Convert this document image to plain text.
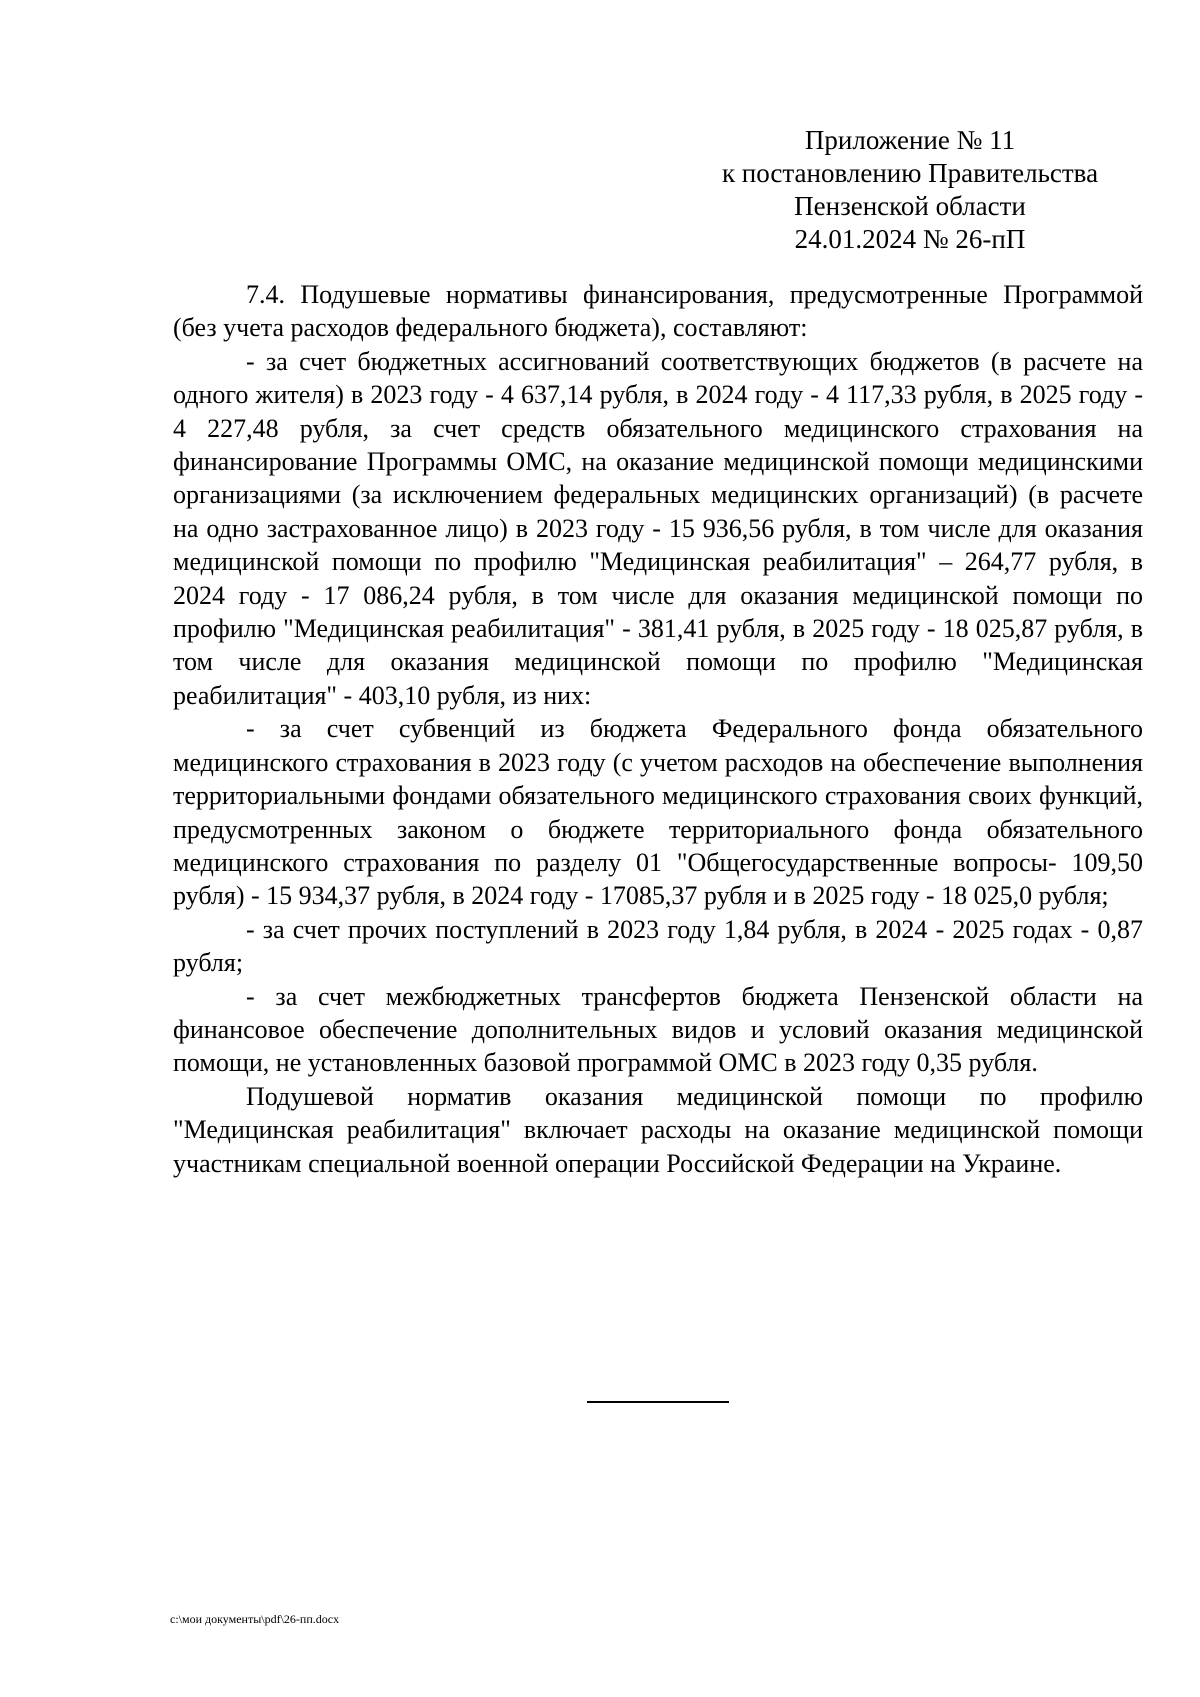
Приложение № 11
к постановлению Правительства
Пензенской области
24.01.2024 № 26-пП

7.4. Подушевые нормативы финансирования, предусмотренные Программой (без учета расходов федерального бюджета), составляют:

- за счет бюджетных ассигнований соответствующих бюджетов (в расчете на одного жителя) в 2023 году - 4 637,14 рубля, в 2024 году - 4 117,33 рубля, в 2025 году - 4 227,48 рубля, за счет средств обязательного медицинского страхования на финансирование Программы ОМС, на оказание медицинской помощи медицинскими организациями (за исключением федеральных медицинских организаций) (в расчете на одно застрахованное лицо) в 2023 году - 15 936,56 рубля, в том числе для оказания медицинской помощи по профилю "Медицинская реабилитация" – 264,77 рубля, в 2024 году - 17 086,24 рубля, в том числе для оказания медицинской помощи по профилю "Медицинская реабилитация" - 381,41 рубля, в 2025 году - 18 025,87 рубля, в том числе для оказания медицинской помощи по профилю "Медицинская реабилитация" - 403,10 рубля, из них:

- за счет субвенций из бюджета Федерального фонда обязательного медицинского страхования в 2023 году (с учетом расходов на обеспечение выполнения территориальными фондами обязательного медицинского страхования своих функций, предусмотренных законом о бюджете территориального фонда обязательного медицинского страхования по разделу 01 "Общегосударственные вопросы- 109,50 рубля) - 15 934,37 рубля, в 2024 году - 17085,37 рубля и в 2025 году - 18 025,0 рубля;

- за счет прочих поступлений в 2023 году 1,84 рубля, в 2024 - 2025 годах - 0,87 рубля;

- за счет межбюджетных трансфертов бюджета Пензенской области на финансовое обеспечение дополнительных видов и условий оказания медицинской помощи, не установленных базовой программой ОМС в 2023 году 0,35 рубля.

Подушевой норматив оказания медицинской помощи по профилю "Медицинская реабилитация" включает расходы на оказание медицинской помощи участникам специальной военной операции Российской Федерации на Украине.

c:\мои документы\pdf\26-пп.docx
